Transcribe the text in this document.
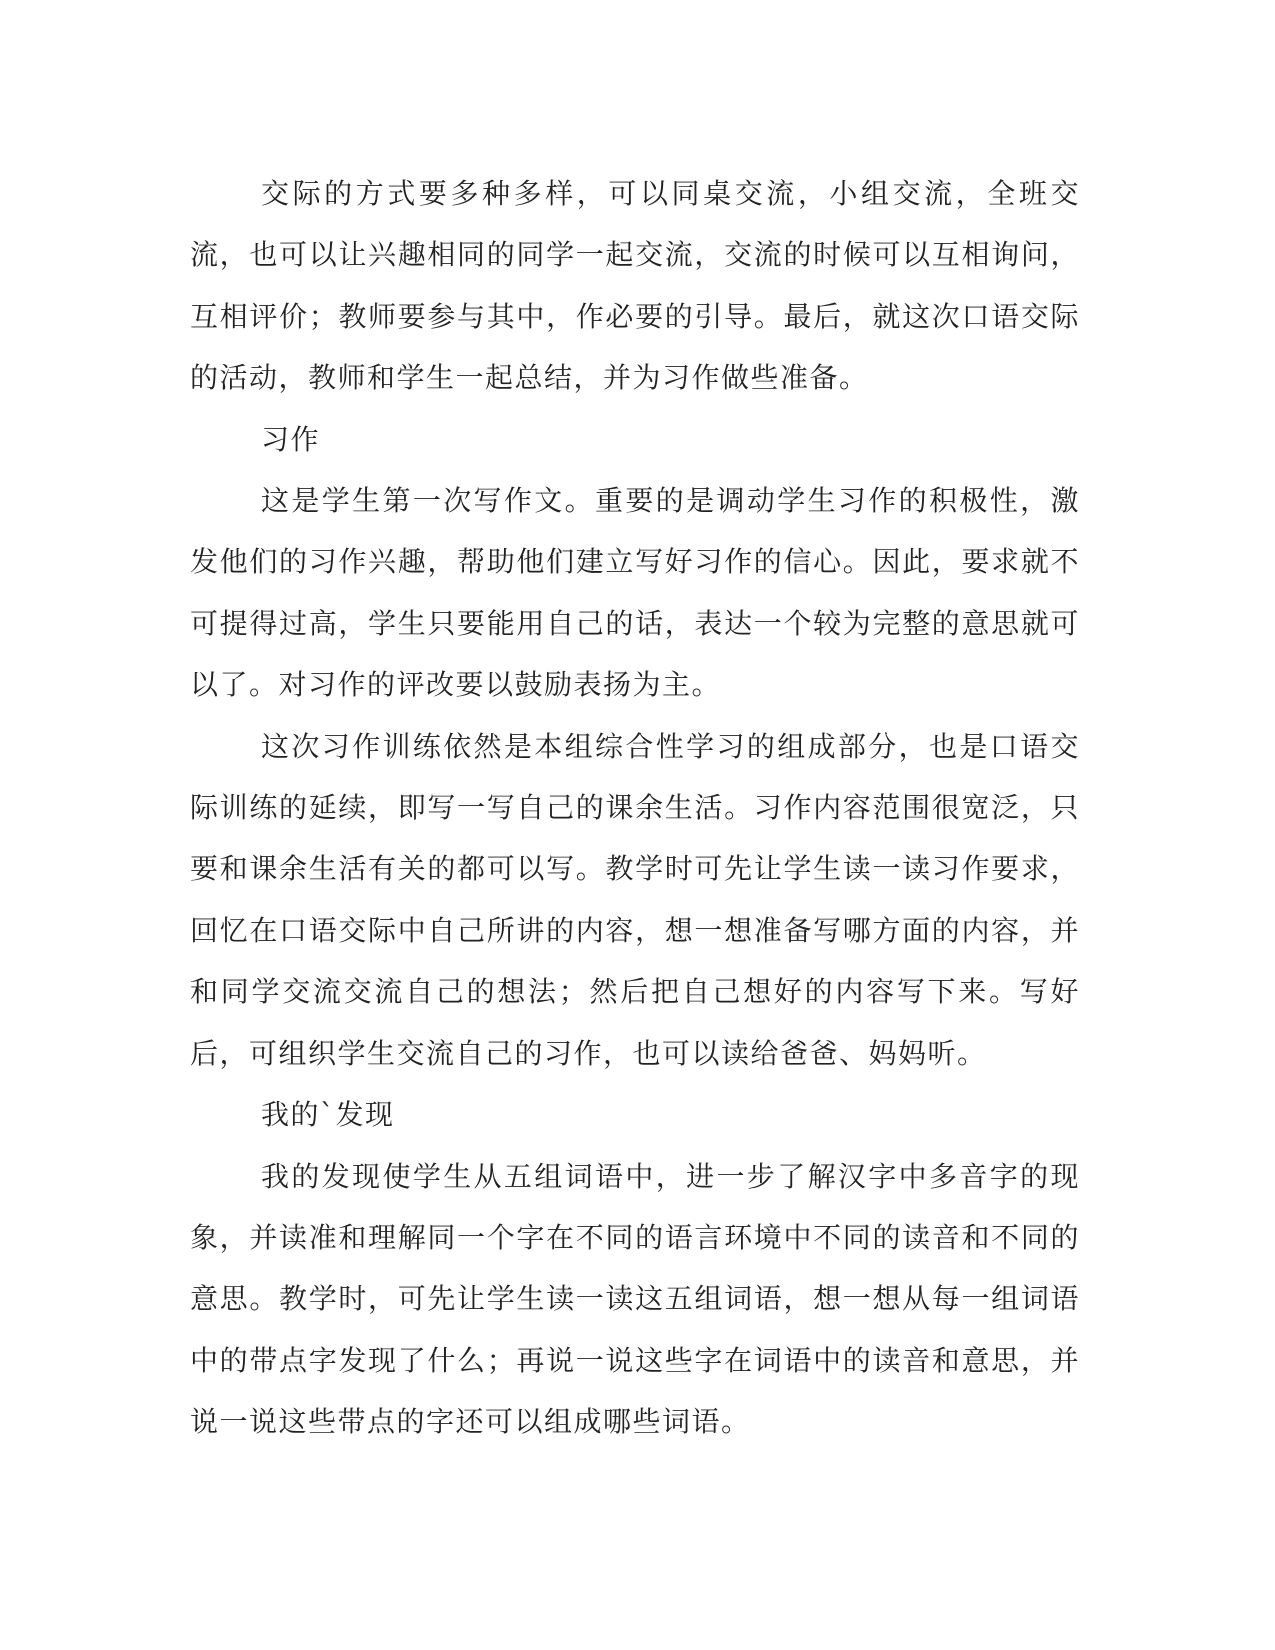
交际的方式要多种多样，可以同桌交流，小组交流，全班交流，也可以让兴趣相同的同学一起交流，交流的时候可以互相询问，互相评价；教师要参与其中，作必要的引导。最后，就这次口语交际的活动，教师和学生一起总结，并为习作做些准备。

习作

这是学生第一次写作文。重要的是调动学生习作的积极性，激发他们的习作兴趣，帮助他们建立写好习作的信心。因此，要求就不可提得过高，学生只要能用自己的话，表达一个较为完整的意思就可以了。对习作的评改要以鼓励表扬为主。

这次习作训练依然是本组综合性学习的组成部分，也是口语交际训练的延续，即写一写自己的课余生活。习作内容范围很宽泛，只要和课余生活有关的都可以写。教学时可先让学生读一读习作要求，回忆在口语交际中自己所讲的内容，想一想准备写哪方面的内容，并和同学交流交流自己的想法；然后把自己想好的内容写下来。写好后，可组织学生交流自己的习作，也可以读给爸爸、妈妈听。

我的`发现

我的发现使学生从五组词语中，进一步了解汉字中多音字的现象，并读准和理解同一个字在不同的语言环境中不同的读音和不同的意思。教学时，可先让学生读一读这五组词语，想一想从每一组词语中的带点字发现了什么；再说一说这些字在词语中的读音和意思，并说一说这些带点的字还可以组成哪些词语。
